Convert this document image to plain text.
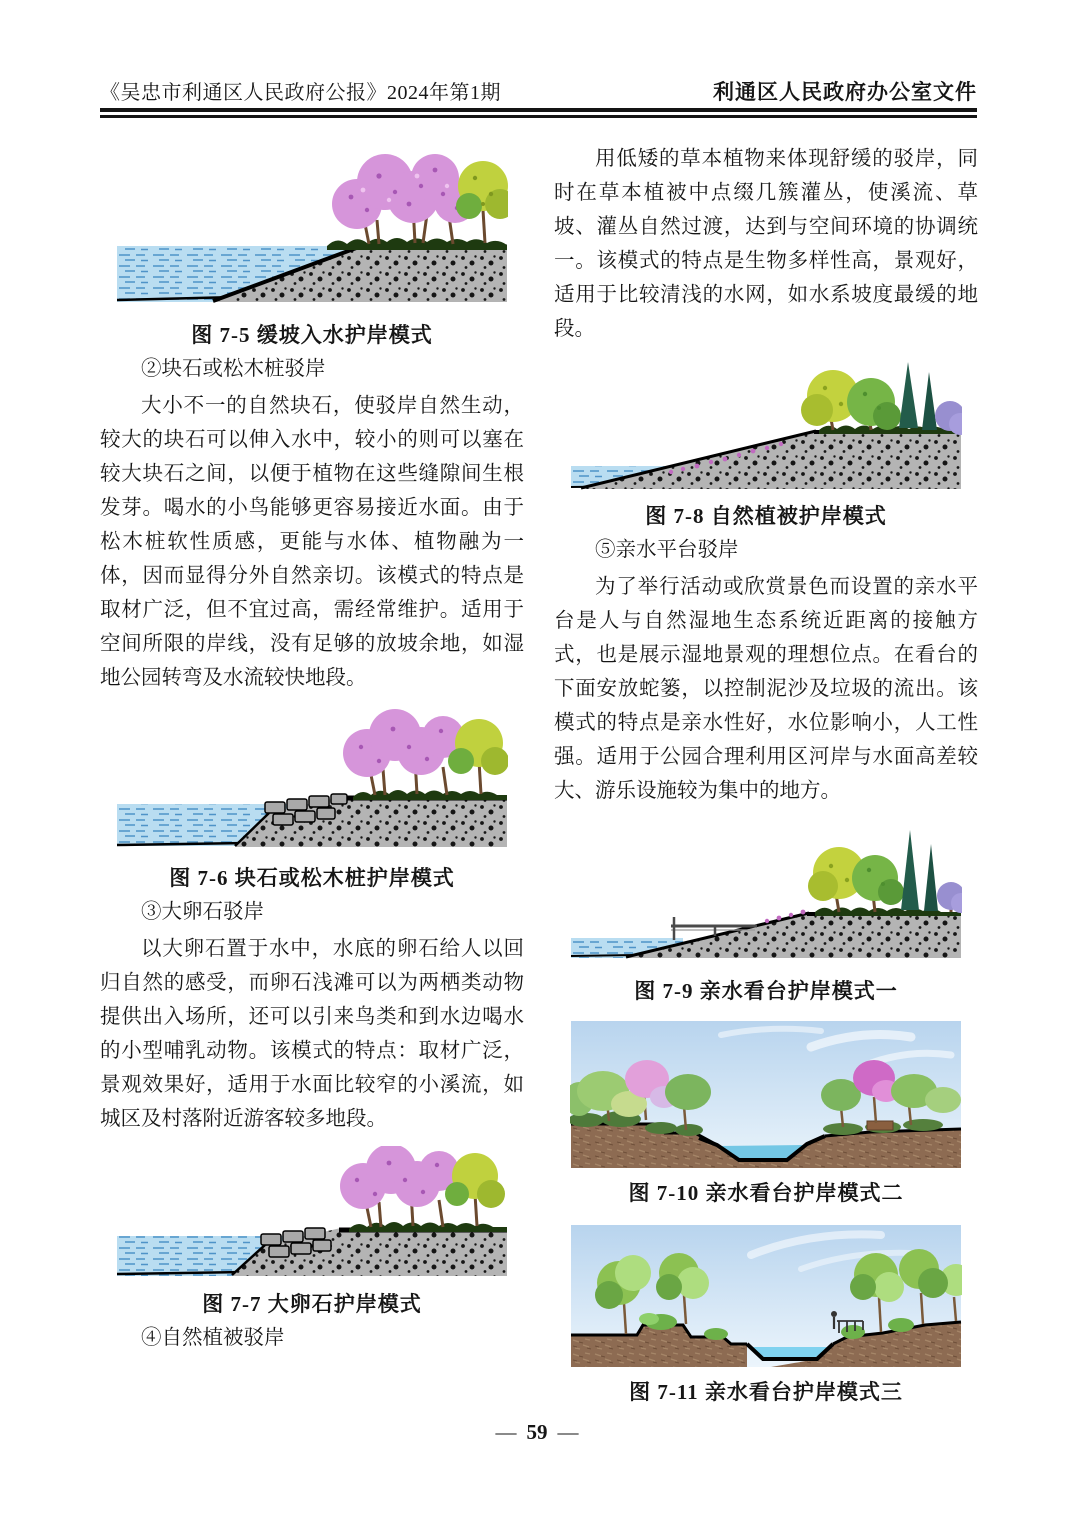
《吴忠市利通区人民政府公报》2024年第1期	利通区人民政府办公室文件
图 7-5 缓坡入水护岸模式

②块石或松木桩驳岸

大小不一的自然块石，使驳岸自然生动，较大的块石可以伸入水中，较小的则可以塞在较大块石之间，以便于植物在这些缝隙间生根发芽。喝水的小鸟能够更容易接近水面。由于松木桩软性质感，更能与水体、植物融为一体，因而显得分外自然亲切。该模式的特点是取材广泛，但不宜过高，需经常维护。适用于空间所限的岸线，没有足够的放坡余地，如湿地公园转弯及水流较快地段。

图 7-6 块石或松木桩护岸模式

③大卵石驳岸

以大卵石置于水中，水底的卵石给人以回归自然的感受，而卵石浅滩可以为两栖类动物提供出入场所，还可以引来鸟类和到水边喝水的小型哺乳动物。该模式的特点：取材广泛，景观效果好，适用于水面比较窄的小溪流，如城区及村落附近游客较多地段。

图 7-7 大卵石护岸模式

④自然植被驳岸

用低矮的草本植物来体现舒缓的驳岸，同时在草本植被中点缀几簇灌丛，使溪流、草坡、灌丛自然过渡，达到与空间环境的协调统一。该模式的特点是生物多样性高，景观好，适用于比较清浅的水网，如水系坡度最缓的地段。

图 7-8 自然植被护岸模式

⑤亲水平台驳岸

为了举行活动或欣赏景色而设置的亲水平台是人与自然湿地生态系统近距离的接触方式，也是展示湿地景观的理想位点。在看台的下面安放蛇篓，以控制泥沙及垃圾的流出。该模式的特点是亲水性好，水位影响小，人工性强。适用于公园合理利用区河岸与水面高差较大、游乐设施较为集中的地方。

图 7-9 亲水看台护岸模式一
图 7-10 亲水看台护岸模式二
图 7-11 亲水看台护岸模式三
— 59 —
